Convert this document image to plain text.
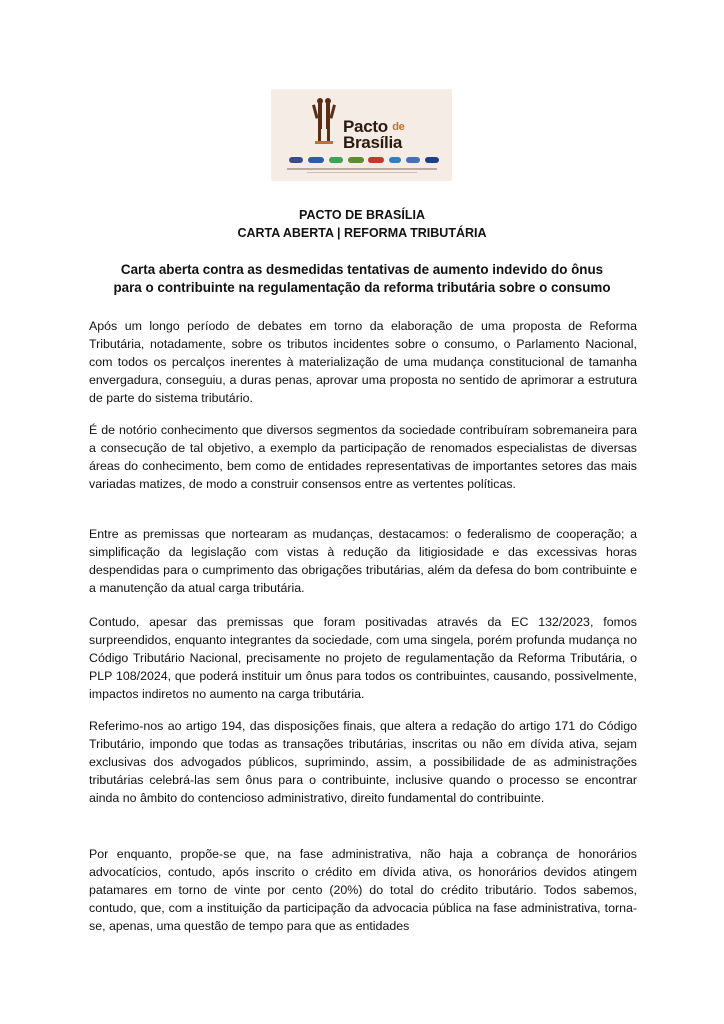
Pacto de
Brasília
PACTO DE BRASÍLIA
CARTA ABERTA | REFORMA TRIBUTÁRIA
Carta aberta contra as desmedidas tentativas de aumento indevido do ônus
para o contribuinte na regulamentação da reforma tributária sobre o consumo

Após um longo período de debates em torno da elaboração de uma proposta de Reforma Tributária, notadamente, sobre os tributos incidentes sobre o consumo, o Parlamento Nacional, com todos os percalços inerentes à materialização de uma mudança constitucional de tamanha envergadura, conseguiu, a duras penas, aprovar uma proposta no sentido de aprimorar a estrutura de parte do sistema tributário.

É de notório conhecimento que diversos segmentos da sociedade contribuíram sobremaneira para a consecução de tal objetivo, a exemplo da participação de renomados especialistas de diversas áreas do conhecimento, bem como de entidades representativas de importantes setores das mais variadas matizes, de modo a construir consensos entre as vertentes políticas.

Entre as premissas que nortearam as mudanças, destacamos: o federalismo de cooperação; a simplificação da legislação com vistas à redução da litigiosidade e das excessivas horas despendidas para o cumprimento das obrigações tributárias, além da defesa do bom contribuinte e a manutenção da atual carga tributária.

Contudo, apesar das premissas que foram positivadas através da EC 132/2023, fomos surpreendidos, enquanto integrantes da sociedade, com uma singela, porém profunda mudança no Código Tributário Nacional, precisamente no projeto de regulamentação da Reforma Tributária, o PLP 108/2024, que poderá instituir um ônus para todos os contribuintes, causando, possivelmente, impactos indiretos no aumento na carga tributária.

Referimo-nos ao artigo 194, das disposições finais, que altera a redação do artigo 171 do Código Tributário, impondo que todas as transações tributárias, inscritas ou não em dívida ativa, sejam exclusivas dos advogados públicos, suprimindo, assim, a possibilidade de as administrações tributárias celebrá-las sem ônus para o contribuinte, inclusive quando o processo se encontrar ainda no âmbito do contencioso administrativo, direito fundamental do contribuinte.

Por enquanto, propõe-se que, na fase administrativa, não haja a cobrança de honorários advocatícios, contudo, após inscrito o crédito em dívida ativa, os honorários devidos atingem patamares em torno de vinte por cento (20%) do total do crédito tributário. Todos sabemos, contudo, que, com a instituição da participação da advocacia pública na fase administrativa, torna-se, apenas, uma questão de tempo para que as entidades
